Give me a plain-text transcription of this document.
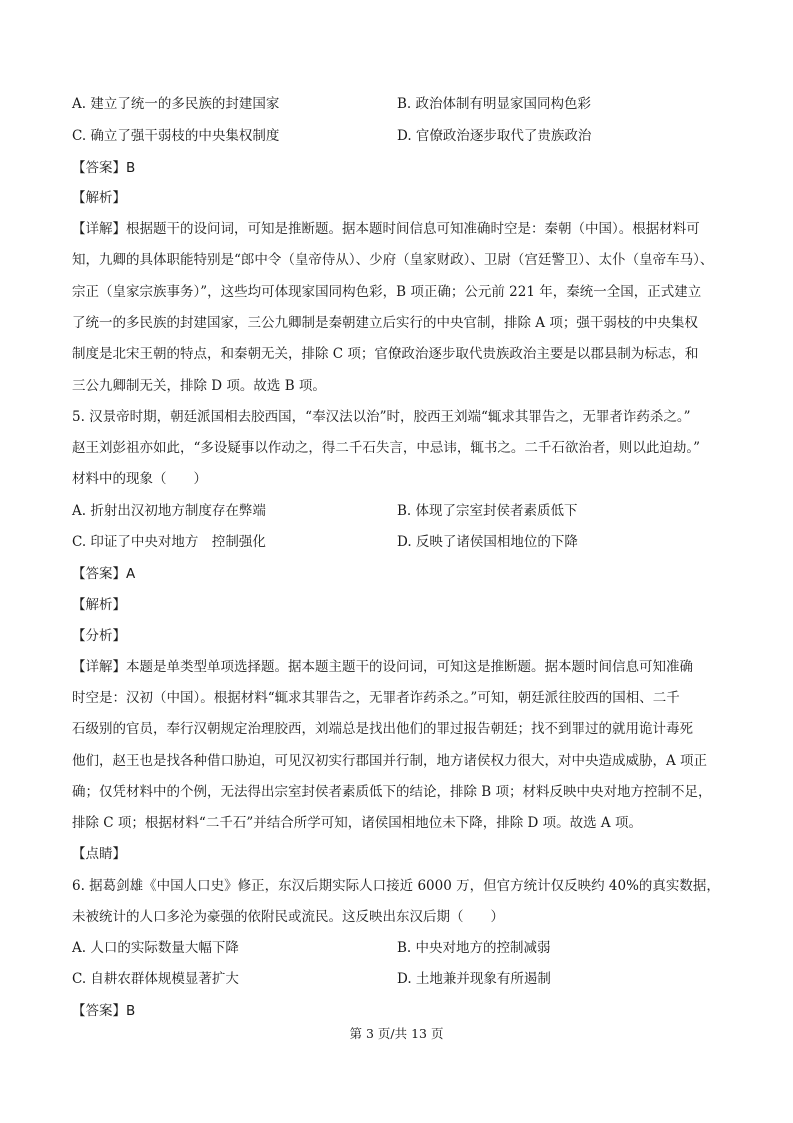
A. 建立了统一的多民族的封建国家	B. 政治体制有明显家国同构色彩
C. 确立了强干弱枝的中央集权制度	D. 官僚政治逐步取代了贵族政治
【答案】B
【解析】
【详解】根据题干的设问词，可知是推断题。据本题时间信息可知准确时空是：秦朝（中国）。根据材料可
知，九卿的具体职能特别是“郎中令（皇帝侍从）、少府（皇家财政）、卫尉（宫廷警卫）、太仆（皇帝车马）、
宗正（皇家宗族事务）”，这些均可体现家国同构色彩，B 项正确；公元前 221 年，秦统一全国，正式建立
了统一的多民族的封建国家，三公九卿制是秦朝建立后实行的中央官制，排除 A 项；强干弱枝的中央集权
制度是北宋王朝的特点，和秦朝无关，排除 C 项；官僚政治逐步取代贵族政治主要是以郡县制为标志，和
三公九卿制无关，排除 D 项。故选 B 项。
5. 汉景帝时期，朝廷派国相去胶西国，“奉汉法以治”时，胶西王刘端“辄求其罪告之，无罪者诈药杀之。”
赵王刘彭祖亦如此，“多设疑事以作动之，得二千石失言，中忌讳，辄书之。二千石欲治者，则以此迫劫。”
材料中的现象（　　）
A. 折射出汉初地方制度存在弊端	B. 体现了宗室封侯者素质低下
C. 印证了中央对地方　控制强化	D. 反映了诸侯国相地位的下降
【答案】A
【解析】
【分析】
【详解】本题是单类型单项选择题。据本题主题干的设问词，可知这是推断题。据本题时间信息可知准确
时空是：汉初（中国）。根据材料“辄求其罪告之，无罪者诈药杀之。”可知，朝廷派往胶西的国相、二千
石级别的官员，奉行汉朝规定治理胶西，刘端总是找出他们的罪过报告朝廷；找不到罪过的就用诡计毒死
他们，赵王也是找各种借口胁迫，可见汉初实行郡国并行制，地方诸侯权力很大，对中央造成威胁，A 项正
确；仅凭材料中的个例，无法得出宗室封侯者素质低下的结论，排除 B 项；材料反映中央对地方控制不足，
排除 C 项；根据材料“二千石”并结合所学可知，诸侯国相地位未下降，排除 D 项。故选 A 项。
【点睛】
6. 据葛剑雄《中国人口史》修正，东汉后期实际人口接近 6000 万，但官方统计仅反映约 40%的真实数据，
未被统计的人口多沦为豪强的依附民或流民。这反映出东汉后期（　　）
A. 人口的实际数量大幅下降	B. 中央对地方的控制减弱
C. 自耕农群体规模显著扩大	D. 土地兼并现象有所遏制
【答案】B
第 3 页/共 13 页
